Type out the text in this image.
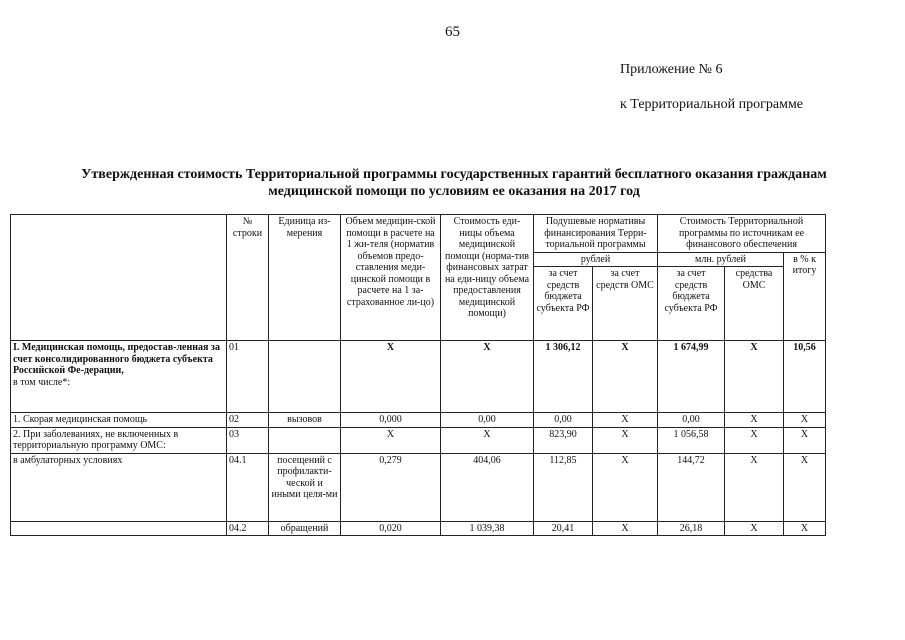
65
Приложение № 6
к Территориальной программе
Утвержденная стоимость Территориальной программы государственных гарантий бесплатного оказания гражданам
медицинской помощи по условиям ее оказания на 2017 год
	№ строки	Единица из-мерения	Объем медицин-ской помощи в расчете на 1 жи-теля (норматив объемов предо-ставления меди-цинской помощи в расчете на 1 за-страхованное ли-цо)	Стоимость еди-ницы объема медицинской помощи (норма-тив финансовых затрат на еди-ницу объема предоставления медицинской помощи)	Подушевые нормативы финансирования Терри-ториальной программы		Стоимость Территориальной программы по источникам ее финансового обеспечения		
					рублей		млн. рублей		в % к итогу
					за счет средств бюджета субъекта РФ	за счет средств ОМС	за счет средств бюджета субъекта РФ	средства ОМС	
I. Медицинская помощь, предостав-ленная за счет консолидированного бюджета субъекта Российской Фе-дерации,
в том числе*:	01		X	X	1 306,12	X	1 674,99	X	10,56
1. Скорая медицинская помощь	02	вызовов	0,000	0,00	0,00	X	0,00	X	X
2. При заболеваниях, не включенных в территориальную программу ОМС:	03		X	X	823,90	X	1 056,58	X	X
в амбулаторных условиях	04.1	посещений с профилакти-ческой и иными целя-ми	0,279	404,06	112,85	X	144,72	X	X
	04.2	обращений	0,020	1 039,38	20,41	X	26,18	X	X
